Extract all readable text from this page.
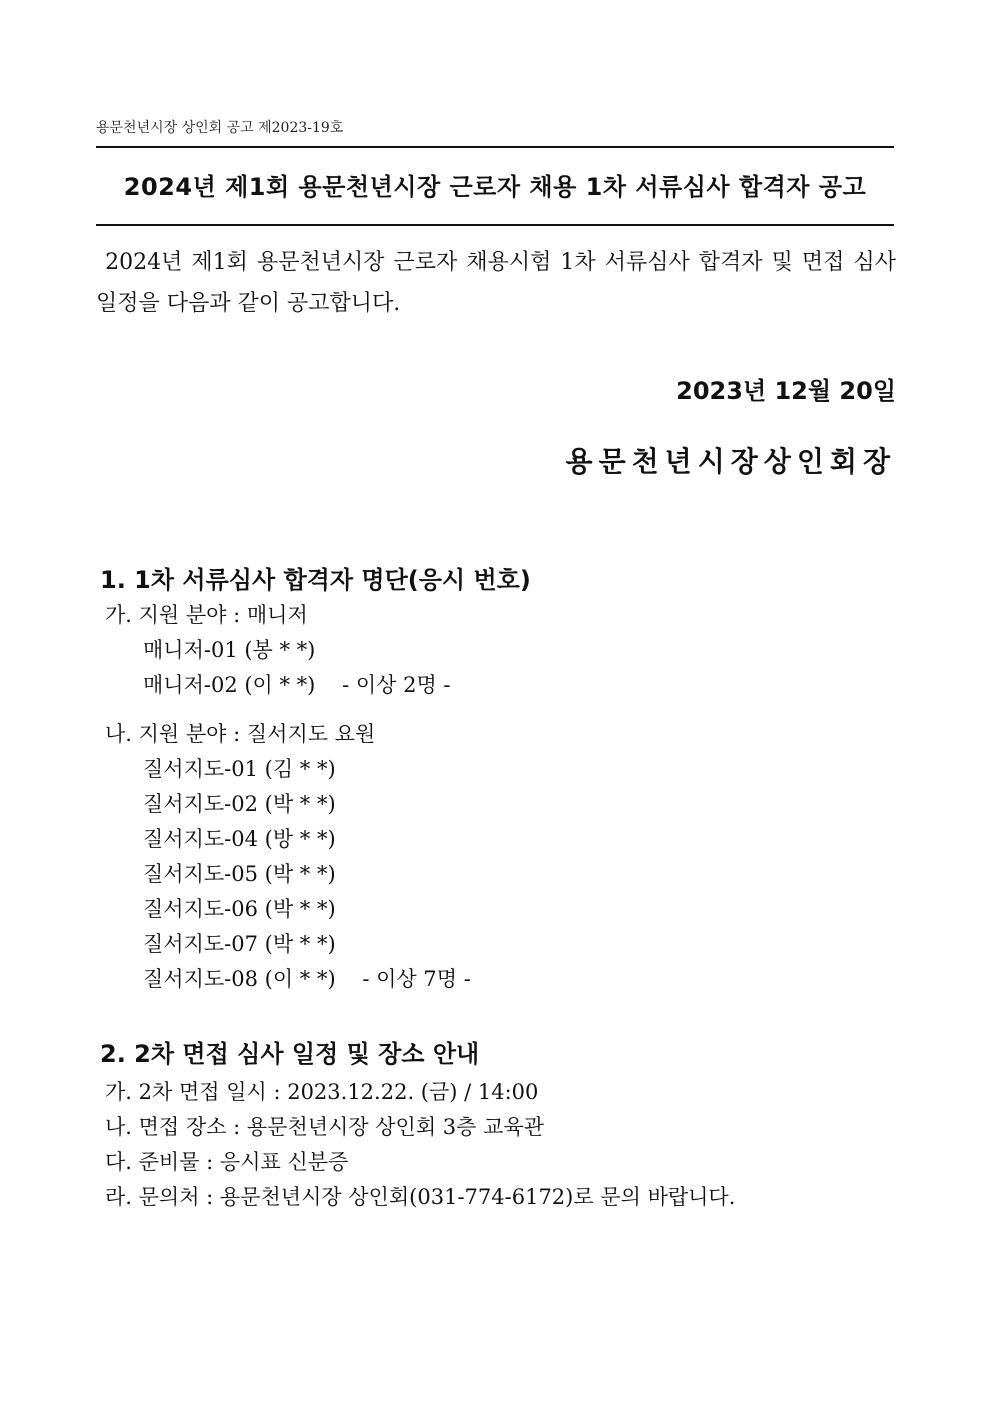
용문천년시장 상인회 공고 제2023-19호
2024년 제1회 용문천년시장 근로자 채용 1차 서류심사 합격자 공고
2024년 제1회 용문천년시장 근로자 채용시험 1차 서류심사 합격자 및 면접 심사 일정을 다음과 같이 공고합니다.
2023년 12월 20일
용문천년시장상인회장
1. 1차 서류심사 합격자 명단(응시 번호)
가. 지원 분야 : 매니저
매니저-01 (봉 * *)
매니저-02 (이 * *)    - 이상 2명 -
나. 지원 분야 : 질서지도 요원
질서지도-01 (김 * *)
질서지도-02 (박 * *)
질서지도-04 (방 * *)
질서지도-05 (박 * *)
질서지도-06 (박 * *)
질서지도-07 (박 * *)
질서지도-08 (이 * *)    - 이상 7명 -
2. 2차 면접 심사 일정 및 장소 안내
가. 2차 면접 일시 : 2023.12.22. (금) / 14:00
나. 면접 장소 : 용문천년시장 상인회 3층 교육관
다. 준비물 : 응시표 신분증
라. 문의처 : 용문천년시장 상인회(031-774-6172)로 문의 바랍니다.
